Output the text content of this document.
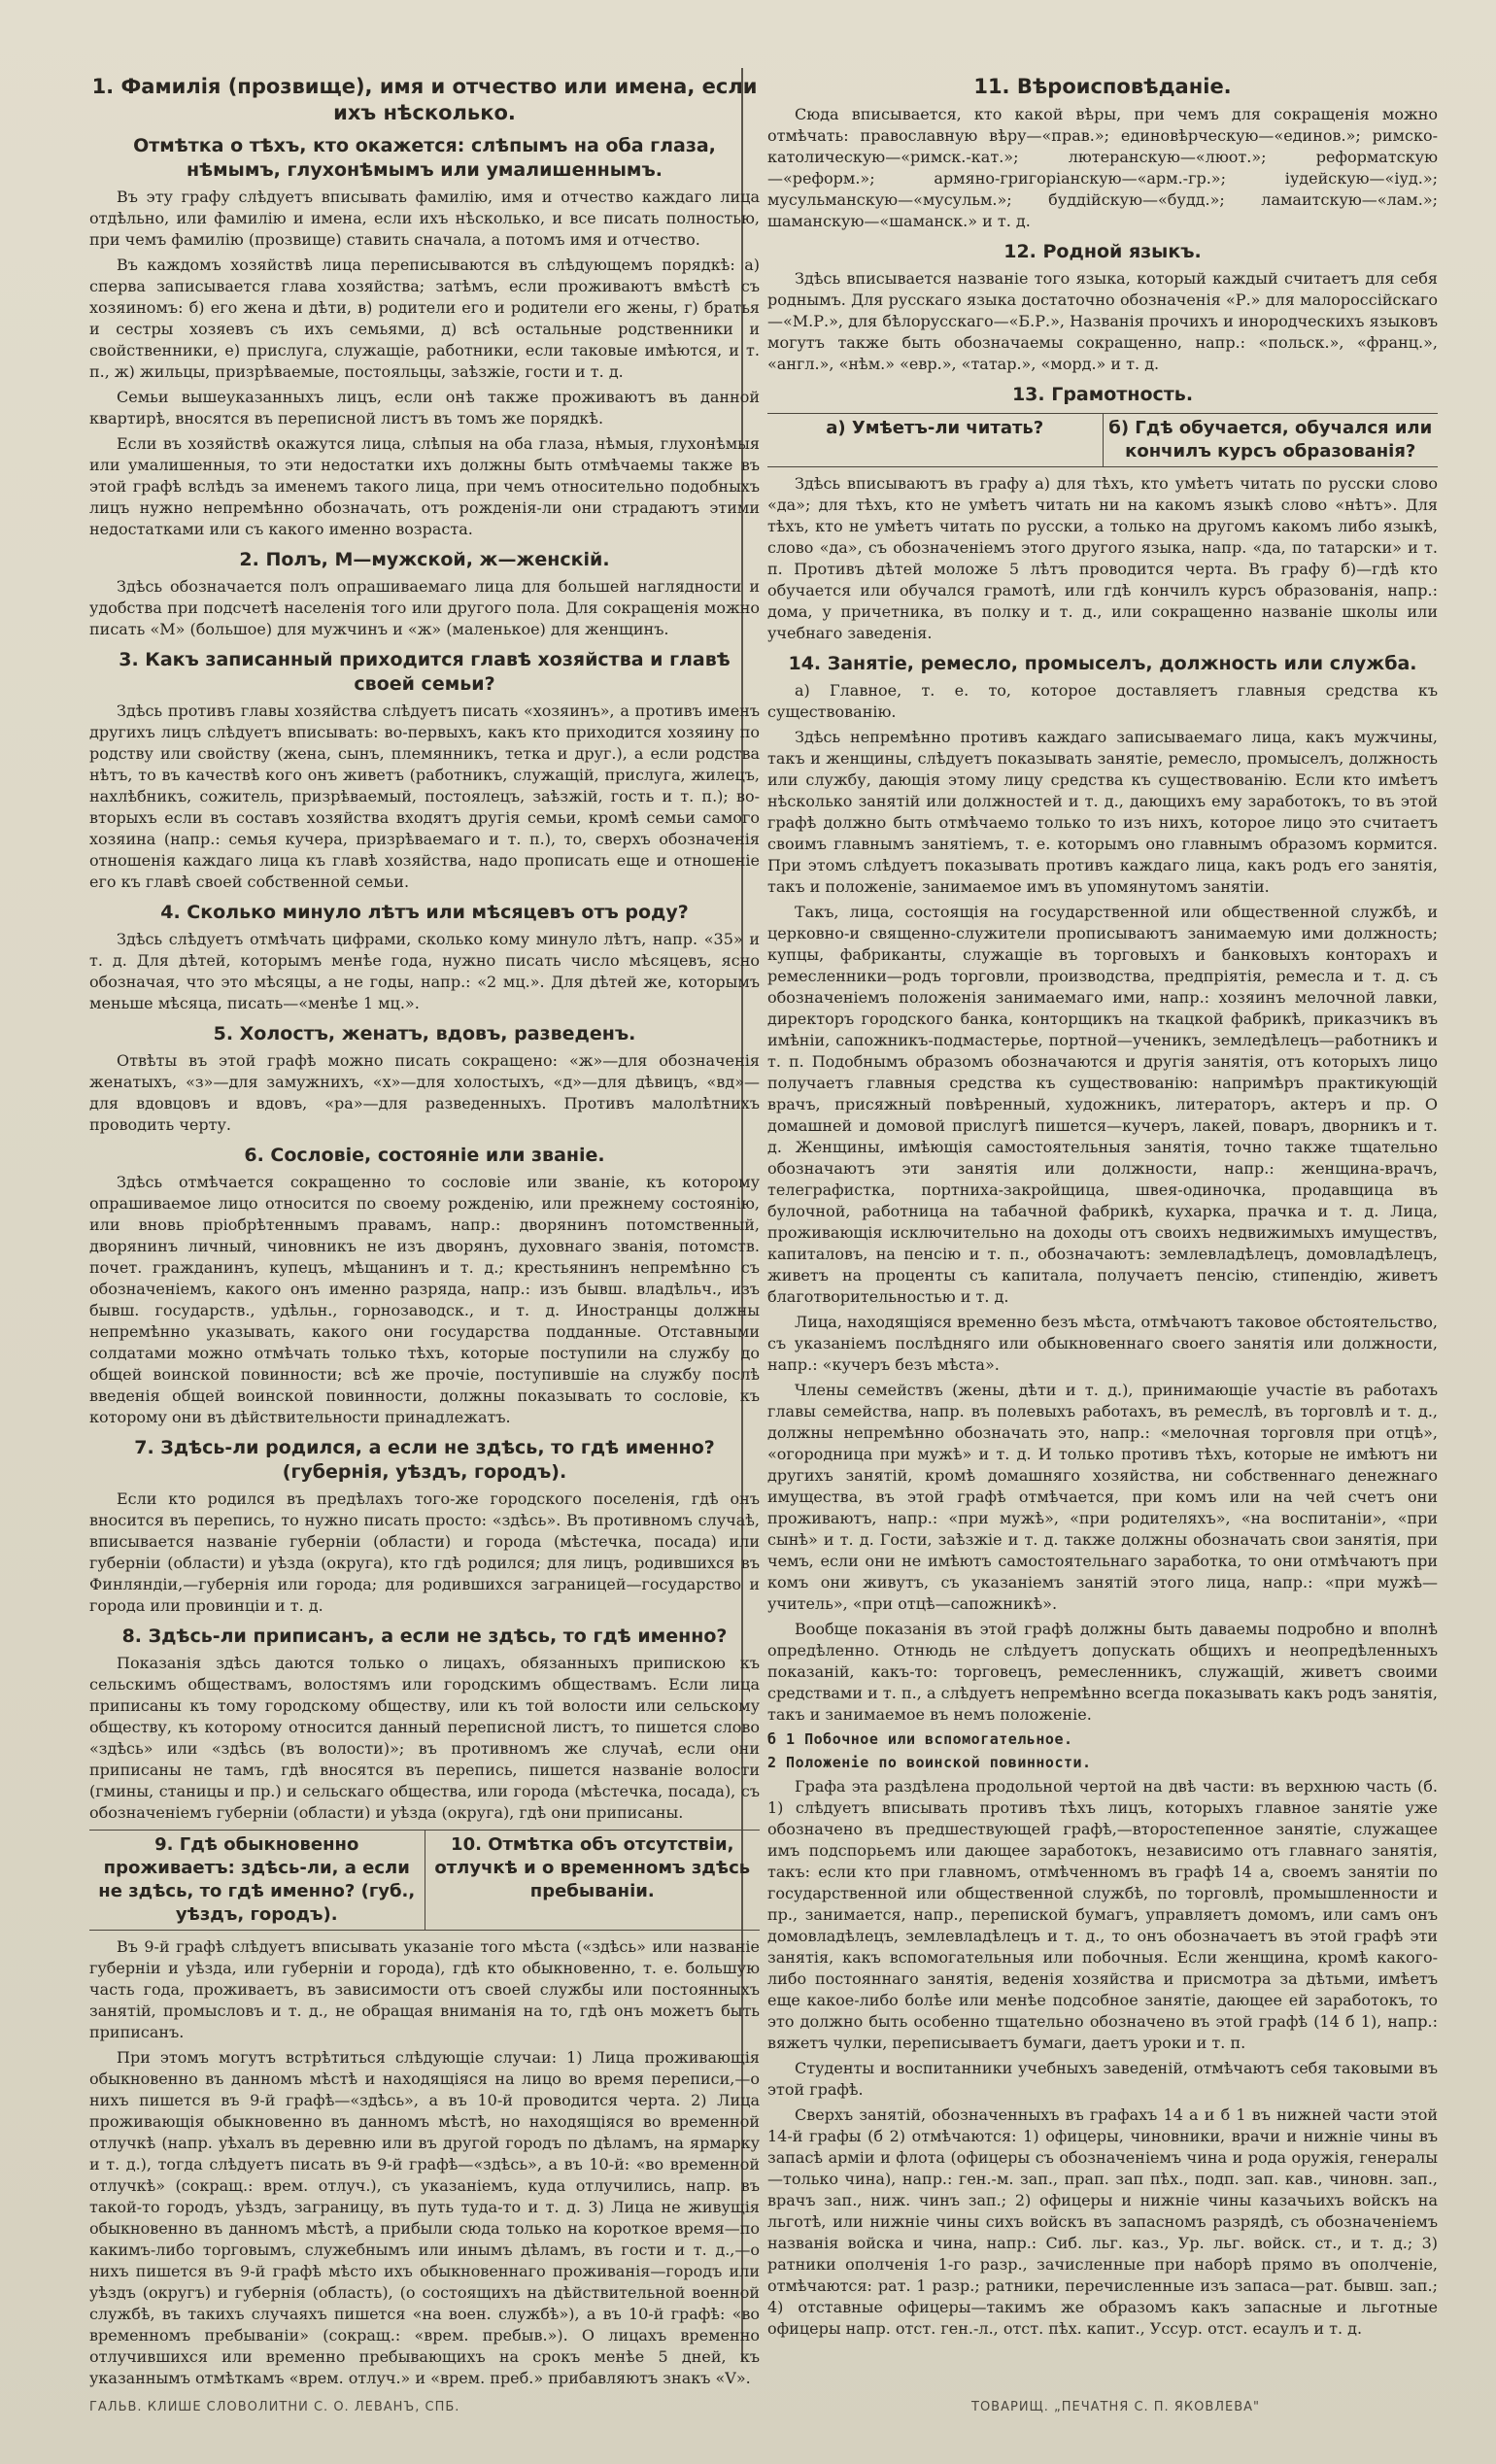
1. Фамилія (прозвище), имя и отчество или имена, если ихъ нѣсколько.
Отмѣтка о тѣхъ, кто окажется: слѣпымъ на оба глаза, нѣмымъ, глухонѣмымъ или умалишеннымъ.

Въ эту графу слѣдуетъ вписывать фамилію, имя и отчество каждаго лица отдѣльно, или фамилію и имена, если ихъ нѣсколько, и все писать полностью, при чемъ фамилію (прозвище) ставить сначала, а потомъ имя и отчество.

Въ каждомъ хозяйствѣ лица переписываются въ слѣдующемъ порядкѣ: а) сперва записывается глава хозяйства; затѣмъ, если проживаютъ вмѣстѣ съ хозяиномъ: б) его жена и дѣти, в) родители его и родители его жены, г) братья и сестры хозяевъ съ ихъ семьями, д) всѣ остальные родственники и свойственники, е) прислуга, служащіе, работники, если таковые имѣются, и т. п., ж) жильцы, призрѣваемые, постояльцы, заѣзжіе, гости и т. д.

Семьи вышеуказанныхъ лицъ, если онѣ также проживаютъ въ данной квартирѣ, вносятся въ переписной листъ въ томъ же порядкѣ.

Если въ хозяйствѣ окажутся лица, слѣпыя на оба глаза, нѣмыя, глухонѣмыя или умалишенныя, то эти недостатки ихъ должны быть отмѣчаемы также въ этой графѣ вслѣдъ за именемъ такого лица, при чемъ относительно подобныхъ лицъ нужно непремѣнно обозначать, отъ рожденія-ли они страдаютъ этими недостатками или съ какого именно возраста.

2. Полъ, М—мужской, ж—женскій.

Здѣсь обозначается полъ опрашиваемаго лица для большей наглядности и удобства при подсчетѣ населенія того или другого пола. Для сокращенія можно писать «М» (большое) для мужчинъ и «ж» (маленькое) для женщинъ.

3. Какъ записанный приходится главѣ хозяйства и главѣ своей семьи?

Здѣсь противъ главы хозяйства слѣдуетъ писать «хозяинъ», а противъ именъ другихъ лицъ слѣдуетъ вписывать: во-первыхъ, какъ кто приходится хозяину по родству или свойству (жена, сынъ, племянникъ, тетка и друг.), а если родства нѣтъ, то въ качествѣ кого онъ живетъ (работникъ, служащій, прислуга, жилецъ, нахлѣбникъ, сожитель, призрѣваемый, постоялецъ, заѣзжій, гость и т. п.); во-вторыхъ если въ составъ хозяйства входятъ другія семьи, кромѣ семьи самого хозяина (напр.: семья кучера, призрѣваемаго и т. п.), то, сверхъ обозначенія отношенія каждаго лица къ главѣ хозяйства, надо прописать еще и отношеніе его къ главѣ своей собственной семьи.

4. Сколько минуло лѣтъ или мѣсяцевъ отъ роду?

Здѣсь слѣдуетъ отмѣчать цифрами, сколько кому минуло лѣтъ, напр. «35» и т. д. Для дѣтей, которымъ менѣе года, нужно писать число мѣсяцевъ, ясно обозначая, что это мѣсяцы, а не годы, напр.: «2 мц.». Для дѣтей же, которымъ меньше мѣсяца, писать—«менѣе 1 мц.».

5. Холостъ, женатъ, вдовъ, разведенъ.

Отвѣты въ этой графѣ можно писать сокращено: «ж»—для обозначенія женатыхъ, «з»—для замужнихъ, «х»—для холостыхъ, «д»—для дѣвицъ, «вд»—для вдовцовъ и вдовъ, «ра»—для разведенныхъ. Противъ малолѣтнихъ проводить черту.

6. Сословіе, состояніе или званіе.

Здѣсь отмѣчается сокращенно то сословіе или званіе, къ которому опрашиваемое лицо относится по своему рожденію, или прежнему состоянію, или вновь пріобрѣтеннымъ правамъ, напр.: дворянинъ потомственный, дворянинъ личный, чиновникъ не изъ дворянъ, духовнаго званія, потомств. почет. гражданинъ, купецъ, мѣщанинъ и т. д.; крестьянинъ непремѣнно съ обозначеніемъ, какого онъ именно разряда, напр.: изъ бывш. владѣльч., изъ бывш. государств., удѣльн., горнозаводск., и т. д. Иностранцы должны непремѣнно указывать, какого они государства подданные. Отставными солдатами можно отмѣчать только тѣхъ, которые поступили на службу до общей воинской повинности; всѣ же прочіе, поступившіе на службу послѣ введенія общей воинской повинности, должны показывать то сословіе, къ которому они въ дѣйствительности принадлежатъ.

7. Здѣсь-ли родился, а если не здѣсь, то гдѣ именно? (губернія, уѣздъ, городъ).

Если кто родился въ предѣлахъ того-же городского поселенія, гдѣ онъ вносится въ перепись, то нужно писать просто: «здѣсь». Въ противномъ случаѣ, вписывается названіе губерніи (области) и города (мѣстечка, посада) или губерніи (области) и уѣзда (округа), кто гдѣ родился; для лицъ, родившихся въ Финляндіи,—губернія или города; для родившихся заграницей—государство и города или провинціи и т. д.

8. Здѣсь-ли приписанъ, а если не здѣсь, то гдѣ именно?

Показанія здѣсь даются только о лицахъ, обязанныхъ припискою къ сельскимъ обществамъ, волостямъ или городскимъ обществамъ. Если лица приписаны къ тому городскому обществу, или къ той волости или сельскому обществу, къ которому относится данный переписной листъ, то пишется слово «здѣсь» или «здѣсь (въ волости)»; въ противномъ же случаѣ, если они приписаны не тамъ, гдѣ вносятся въ перепись, пишется названіе волости (гмины, станицы и пр.) и сельскаго общества, или города (мѣстечка, посада), съ обозначеніемъ губерніи (области) и уѣзда (округа), гдѣ они приписаны.

9. Гдѣ обыкновенно проживаетъ: здѣсь-ли, а если не здѣсь, то гдѣ именно? (губ., уѣздъ, городъ).
10. Отмѣтка объ отсутствіи, отлучкѣ и о временномъ здѣсь пребываніи.

Въ 9-й графѣ слѣдуетъ вписывать указаніе того мѣста («здѣсь» или названіе губерніи и уѣзда, или губерніи и города), гдѣ кто обыкновенно, т. е. большую часть года, проживаетъ, въ зависимости отъ своей службы или постоянныхъ занятій, промысловъ и т. д., не обращая вниманія на то, гдѣ онъ можетъ быть приписанъ.

При этомъ могутъ встрѣтиться слѣдующіе случаи: 1) Лица проживающія обыкновенно въ данномъ мѣстѣ и находящіяся на лицо во время переписи,—о нихъ пишется въ 9-й графѣ—«здѣсь», а въ 10-й проводится черта. 2) Лица проживающія обыкновенно въ данномъ мѣстѣ, но находящіяся во временной отлучкѣ (напр. уѣхалъ въ деревню или въ другой городъ по дѣламъ, на ярмарку и т. д.), тогда слѣдуетъ писать въ 9-й графѣ—«здѣсь», а въ 10-й: «во временной отлучкѣ» (сокращ.: врем. отлуч.), съ указаніемъ, куда отлучились, напр. въ такой-то городъ, уѣздъ, заграницу, въ путь туда-то и т. д. 3) Лица не живущія обыкновенно въ данномъ мѣстѣ, а прибыли сюда только на короткое время—по какимъ-либо торговымъ, служебнымъ или инымъ дѣламъ, въ гости и т. д.,—о нихъ пишется въ 9-й графѣ мѣсто ихъ обыкновеннаго проживанія—городъ или уѣздъ (округъ) и губернія (область), (о состоящихъ на дѣйствительной военной службѣ, въ такихъ случаяхъ пишется «на воен. службѣ»), а въ 10-й графѣ: «во временномъ пребываніи» (сокращ.: «врем. пребыв.»). О лицахъ временно отлучившихся или временно пребывающихъ на срокъ менѣе 5 дней, къ указаннымъ отмѣткамъ «врем. отлуч.» и «врем. преб.» прибавляютъ знакъ «V».

11. Вѣроисповѣданіе.

Сюда вписывается, кто какой вѣры, при чемъ для сокращенія можно отмѣчать: православную вѣру—«прав.»; единовѣрческую—«единов.»; римско-католическую—«римск.-кат.»; лютеранскую—«люот.»; реформатскую—«реформ.»; армяно-григоріанскую—«арм.-гр.»; іудейскую—«іуд.»; мусульманскую—«мусульм.»; буддійскую—«будд.»; ламаитскую—«лам.»; шаманскую—«шаманск.» и т. д.

12. Родной языкъ.

Здѣсь вписывается названіе того языка, который каждый считаетъ для себя роднымъ. Для русскаго языка достаточно обозначенія «Р.» для малороссійскаго—«М.Р.», для бѣлорусскаго—«Б.Р.», Названія прочихъ и инородческихъ языковъ могутъ также быть обозначаемы сокращенно, напр.: «польск.», «франц.», «англ.», «нѣм.» «евр.», «татар.», «морд.» и т. д.

13. Грамотность.
а) Умѣетъ-ли читать?	б) Гдѣ обучается, обучался или кончилъ курсъ образованія?

Здѣсь вписываютъ въ графу а) для тѣхъ, кто умѣетъ читать по русски слово «да»; для тѣхъ, кто не умѣетъ читать ни на какомъ языкѣ слово «нѣтъ». Для тѣхъ, кто не умѣетъ читать по русски, а только на другомъ какомъ либо языкѣ, слово «да», съ обозначеніемъ этого другого языка, напр. «да, по татарски» и т. п. Противъ дѣтей моложе 5 лѣтъ проводится черта. Въ графу б)—гдѣ кто обучается или обучался грамотѣ, или гдѣ кончилъ курсъ образованія, напр.: дома, у причетника, въ полку и т. д., или сокращенно названіе школы или учебнаго заведенія.

14. Занятіе, ремесло, промыселъ, должность или служба.

а) Главное, т. е. то, которое доставляетъ главныя средства къ существованію.

Здѣсь непремѣнно противъ каждаго записываемаго лица, какъ мужчины, такъ и женщины, слѣдуетъ показывать занятіе, ремесло, промыселъ, должность или службу, дающія этому лицу средства къ существованію. Если кто имѣетъ нѣсколько занятій или должностей и т. д., дающихъ ему заработокъ, то въ этой графѣ должно быть отмѣчаемо только то изъ нихъ, которое лицо это считаетъ своимъ главнымъ занятіемъ, т. е. которымъ оно главнымъ образомъ кормится. При этомъ слѣдуетъ показывать противъ каждаго лица, какъ родъ его занятія, такъ и положеніе, занимаемое имъ въ упомянутомъ занятіи.

Такъ, лица, состоящія на государственной или общественной службѣ, и церковно-и священно-служители прописываютъ занимаемую ими должность; купцы, фабриканты, служащіе въ торговыхъ и банковыхъ конторахъ и ремесленники—родъ торговли, производства, предпріятія, ремесла и т. д. съ обозначеніемъ положенія занимаемаго ими, напр.: хозяинъ мелочной лавки, директоръ городского банка, конторщикъ на ткацкой фабрикѣ, приказчикъ въ имѣніи, сапожникъ-подмастерье, портной—ученикъ, земледѣлецъ—работникъ и т. п. Подобнымъ образомъ обозначаются и другія занятія, отъ которыхъ лицо получаетъ главныя средства къ существованію: напримѣръ практикующій врачъ, присяжный повѣренный, художникъ, литераторъ, актеръ и пр. О домашней и домовой прислугѣ пишется—кучеръ, лакей, поваръ, дворникъ и т. д. Женщины, имѣющія самостоятельныя занятія, точно также тщательно обозначаютъ эти занятія или должности, напр.: женщина-врачъ, телеграфистка, портниха-закройщица, швея-одиночка, продавщица въ булочной, работница на табачной фабрикѣ, кухарка, прачка и т. д. Лица, проживающія исключительно на доходы отъ своихъ недвижимыхъ имуществъ, капиталовъ, на пенсію и т. п., обозначаютъ: землевладѣлецъ, домовладѣлецъ, живетъ на проценты съ капитала, получаетъ пенсію, стипендію, живетъ благотворительностью и т. д.

Лица, находящіяся временно безъ мѣста, отмѣчаютъ таковое обстоятельство, съ указаніемъ послѣдняго или обыкновеннаго своего занятія или должности, напр.: «кучеръ безъ мѣста».

Члены семействъ (жены, дѣти и т. д.), принимающіе участіе въ работахъ главы семейства, напр. въ полевыхъ работахъ, въ ремеслѣ, въ торговлѣ и т. д., должны непремѣнно обозначать это, напр.: «мелочная торговля при отцѣ», «огородница при мужѣ» и т. д. И только противъ тѣхъ, которые не имѣютъ ни другихъ занятій, кромѣ домашняго хозяйства, ни собственнаго денежнаго имущества, въ этой графѣ отмѣчается, при комъ или на чей счетъ они проживаютъ, напр.: «при мужѣ», «при родителяхъ», «на воспитаніи», «при сынѣ» и т. д. Гости, заѣзжіе и т. д. также должны обозначать свои занятія, при чемъ, если они не имѣютъ самостоятельнаго заработка, то они отмѣчаютъ при комъ они живутъ, съ указаніемъ занятій этого лица, напр.: «при мужѣ—учитель», «при отцѣ—сапожникѣ».

Вообще показанія въ этой графѣ должны быть даваемы подробно и вполнѣ опредѣленно. Отнюдь не слѣдуетъ допускать общихъ и неопредѣленныхъ показаній, какъ-то: торговецъ, ремесленникъ, служащій, живетъ своими средствами и т. п., а слѣдуетъ непремѣнно всегда показывать какъ родъ занятія, такъ и занимаемое въ немъ положеніе.

б 1 Побочное или вспомогательное.
2 Положеніе по воинской повинности.

Графа эта раздѣлена продольной чертой на двѣ части: въ верхнюю часть (б. 1) слѣдуетъ вписывать противъ тѣхъ лицъ, которыхъ главное занятіе уже обозначено въ предшествующей графѣ,—второстепенное занятіе, служащее имъ подспорьемъ или дающее заработокъ, независимо отъ главнаго занятія, такъ: если кто при главномъ, отмѣченномъ въ графѣ 14 а, своемъ занятіи по государственной или общественной службѣ, по торговлѣ, промышленности и пр., занимается, напр., перепиской бумагъ, управляетъ домомъ, или самъ онъ домовладѣлецъ, землевладѣлецъ и т. д., то онъ обозначаетъ въ этой графѣ эти занятія, какъ вспомогательныя или побочныя. Если женщина, кромѣ какого-либо постояннаго занятія, веденія хозяйства и присмотра за дѣтьми, имѣетъ еще какое-либо болѣе или менѣе подсобное занятіе, дающее ей заработокъ, то это должно быть особенно тщательно обозначено въ этой графѣ (14 б 1), напр.: вяжетъ чулки, переписываетъ бумаги, даетъ уроки и т. п.

Студенты и воспитанники учебныхъ заведеній, отмѣчаютъ себя таковыми въ этой графѣ.

Сверхъ занятій, обозначенныхъ въ графахъ 14 а и б 1 въ нижней части этой 14-й графы (б 2) отмѣчаются: 1) офицеры, чиновники, врачи и нижніе чины въ запасѣ арміи и флота (офицеры съ обозначеніемъ чина и рода оружія, генералы—только чина), напр.: ген.-м. зап., прап. зап пѣх., подп. зап. кав., чиновн. зап., врачъ зап., ниж. чинъ зап.; 2) офицеры и нижніе чины казачьихъ войскъ на льготѣ, или нижніе чины сихъ войскъ въ запасномъ разрядѣ, съ обозначеніемъ названія войска и чина, напр.: Сиб. льг. каз., Ур. льг. войск. ст., и т. д.; 3) ратники ополченія 1-го разр., зачисленные при наборѣ прямо въ ополченіе, отмѣчаются: рат. 1 разр.; ратники, перечисленные изъ запаса—рат. бывш. зап.; 4) отставные офицеры—такимъ же образомъ какъ запасные и льготные офицеры напр. отст. ген.-л., отст. пѣх. капит., Уссур. отст. есаулъ и т. д.

ГАЛЬВ. КЛИШЕ СЛОВОЛИТНИ С. О. ЛЕВАНЪ, СПБ.	ТОВАРИЩ. „ПЕЧАТНЯ С. П. ЯКОВЛЕВА"
